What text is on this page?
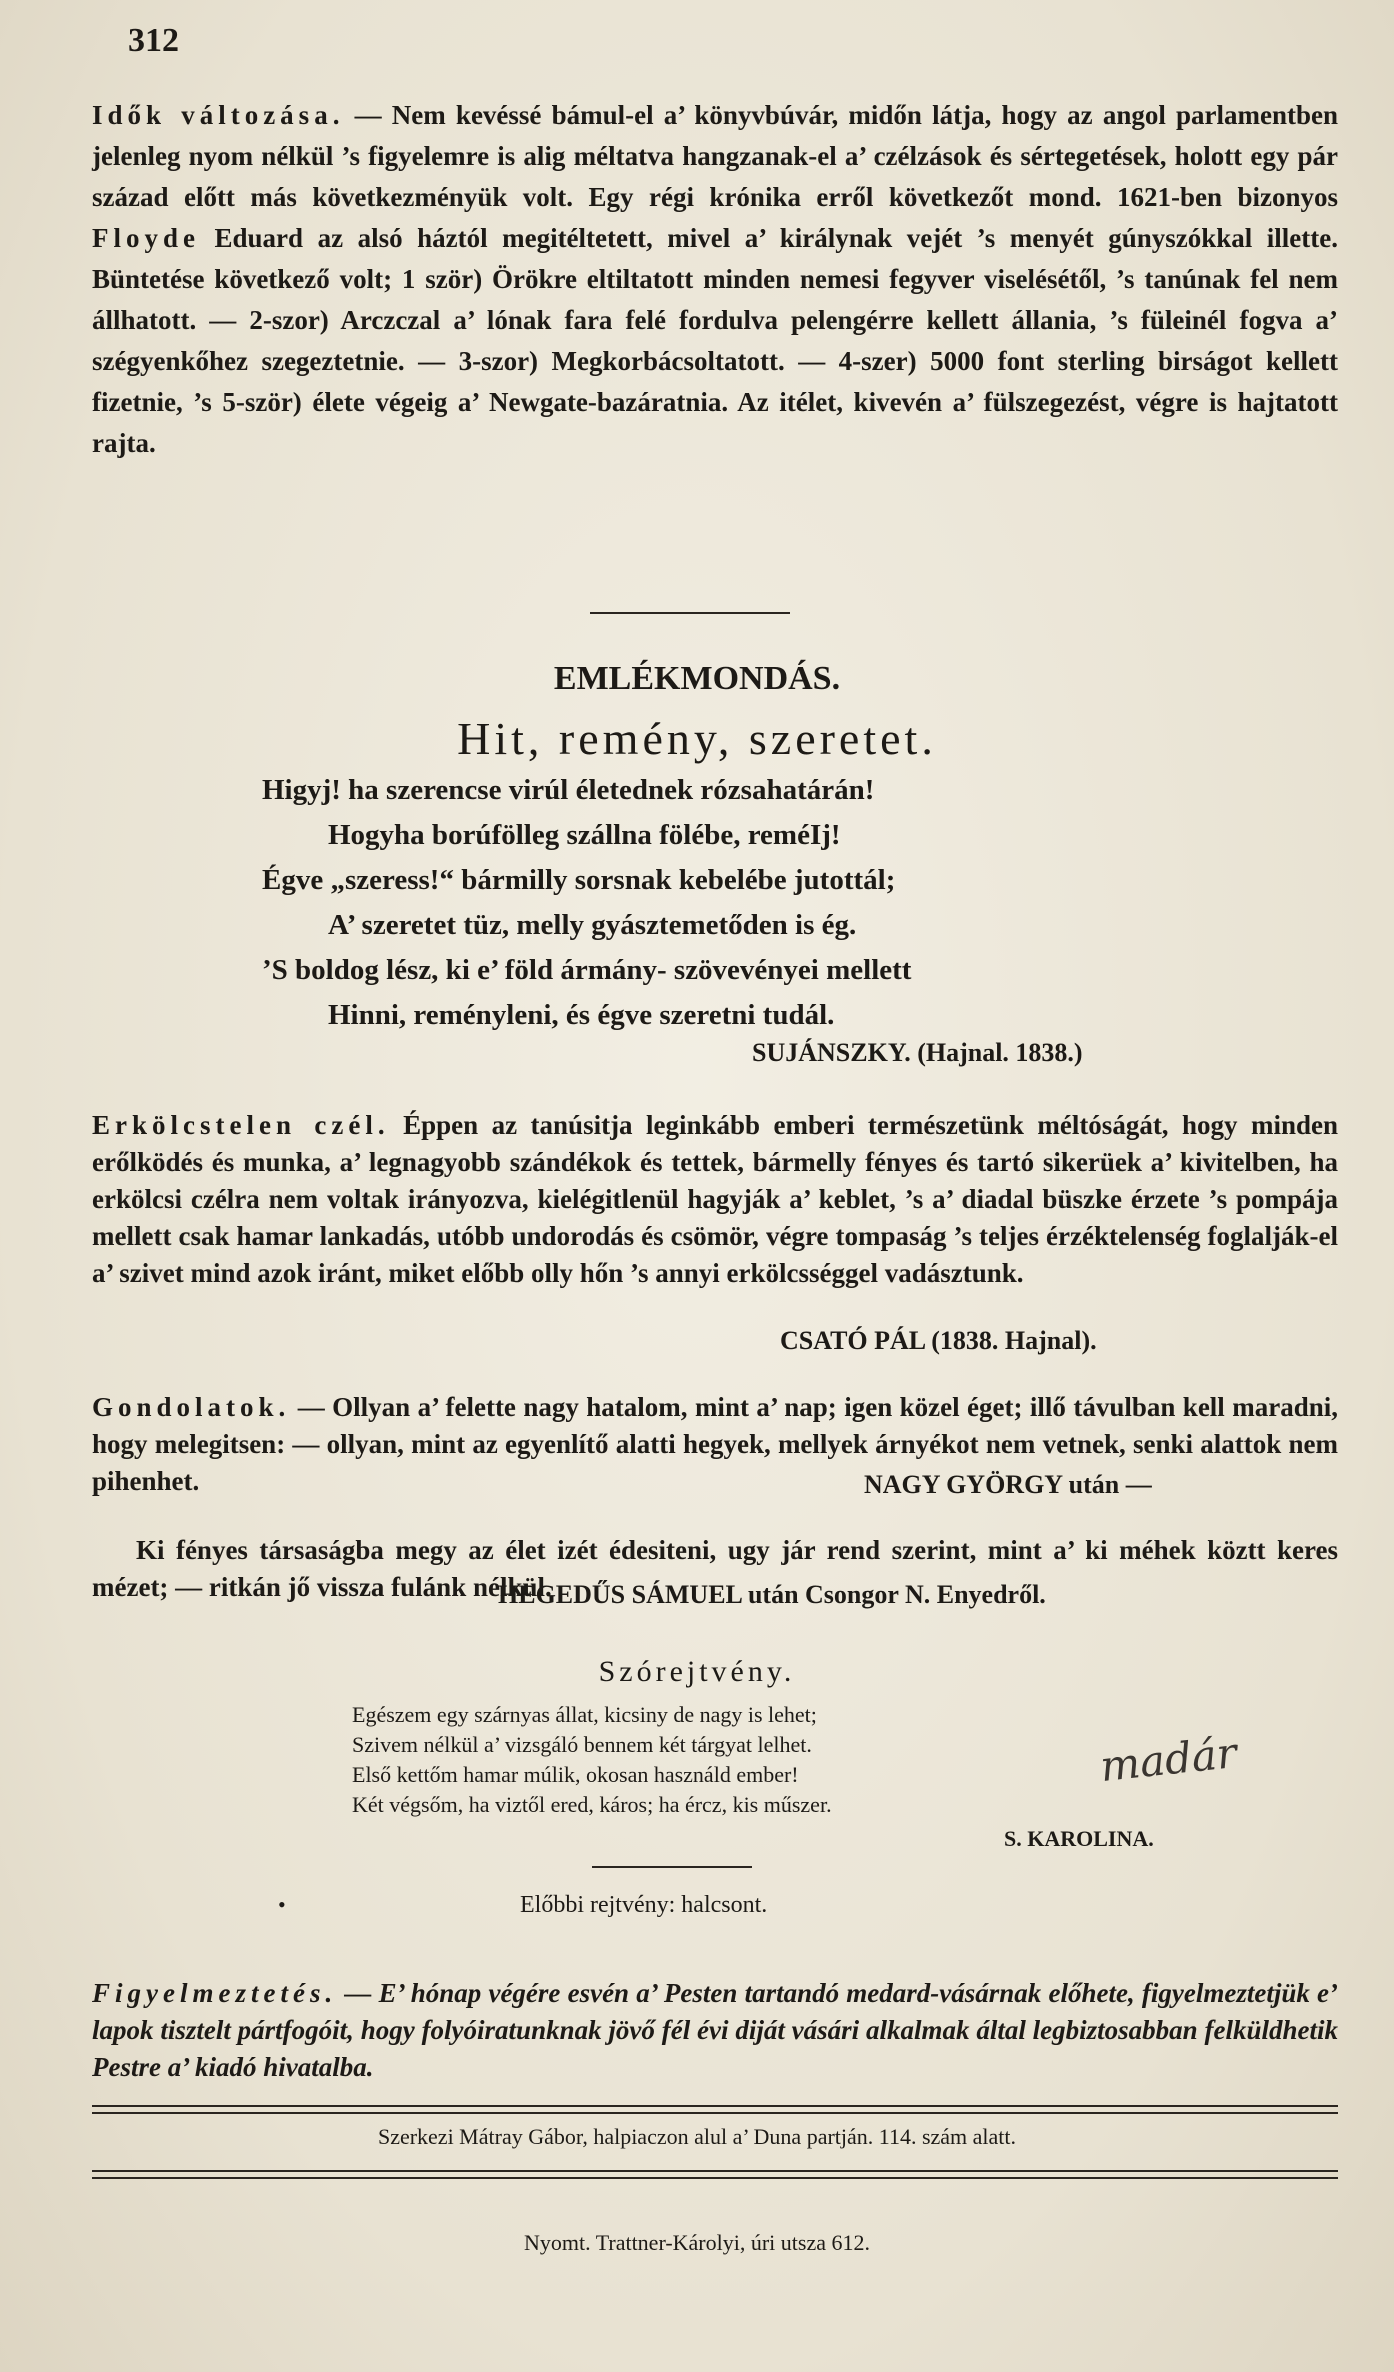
312

Idők változása. — Nem kevéssé bámul-el a’ könyvbúvár, midőn látja, hogy az angol parlamentben jelenleg nyom nélkül ’s figyelemre is alig méltatva hangzanak-el a’ czélzások és sértegetések, holott egy pár század előtt más következményük volt. Egy régi krónika erről következőt mond. 1621-ben bizonyos Floyde Eduard az alsó háztól megitéltetett, mivel a’ királynak vejét ’s menyét gúnyszókkal illette. Büntetése következő volt; 1 ször) Örökre eltiltatott minden nemesi fegyver viselésétől, ’s tanúnak fel nem állhatott. — 2-szor) Arczczal a’ lónak fara felé fordulva pelengérre kellett állania, ’s füleinél fogva a’ szégyenkőhez szegeztetnie. — 3-szor) Megkorbácsoltatott. — 4-szer) 5000 font sterling birságot kellett fizetnie, ’s 5-ször) élete végeig a’ Newgate-bazáratnia. Az itélet, kivevén a’ fülszegezést, végre is hajtatott rajta.

EMLÉKMONDÁS.
Hit, remény, szeretet.
Higyj! ha szerencse virúl életednek rózsahatárán!
Hogyha borúfölleg szállna fölébe, reméIj!
Égve „szeress!“ bármilly sorsnak kebelébe jutottál;
A’ szeretet tüz, melly gyásztemetőden is ég.
’S boldog lész, ki e’ föld ármány- szövevényei mellett
Hinni, reményleni, és égve szeretni tudál.
SUJÁNSZKY. (Hajnal. 1838.)

Erkölcstelen czél. Éppen az tanúsitja leginkább emberi természetünk méltóságát, hogy minden erőlködés és munka, a’ legnagyobb szándékok és tettek, bármelly fényes és tartó sikerüek a’ kivitelben, ha erkölcsi czélra nem voltak irányozva, kielégitlenül hagyják a’ keblet, ’s a’ diadal büszke érzete ’s pompája mellett csak hamar lankadás, utóbb undorodás és csömör, végre tompaság ’s teljes érzéktelenség foglalják-el a’ szivet mind azok iránt, miket előbb olly hőn ’s annyi erkölcsséggel vadásztunk.

CSATÓ PÁL (1838. Hajnal).

Gondolatok. — Ollyan a’ felette nagy hatalom, mint a’ nap; igen közel éget; illő távulban kell maradni, hogy melegitsen: — ollyan, mint az egyenlítő alatti hegyek, mellyek árnyékot nem vetnek, senki alattok nem pihenhet.	NAGY GYÖRGY után —

Ki fényes társaságba megy az élet izét édesiteni, ugy jár rend szerint, mint a’ ki méhek köztt keres mézet; — ritkán jő vissza fulánk nélkül.

HEGEDŰS SÁMUEL után Csongor N. Enyedről.
Szórejtvény.
Egészem egy szárnyas állat, kicsiny de nagy is lehet;
Szivem nélkül a’ vizsgáló bennem két tárgyat lelhet.
Első kettőm hamar múlik, okosan használd ember!
Két végsőm, ha viztől ered, káros; ha ércz, kis műszer.
madár
S. KAROLINA.
•	Előbbi rejtvény: halcsont.

Figyelmeztetés. — E’ hónap végére esvén a’ Pesten tartandó medard-vásárnak előhete, figyelmeztetjük e’ lapok tisztelt pártfogóit, hogy folyóiratunknak jövő fél évi diját vásári alkalmak által legbiztosabban felküldhetik Pestre a’ kiadó hivatalba.

Szerkezi Mátray Gábor, halpiaczon alul a’ Duna partján. 114. szám alatt.
Nyomt. Trattner-Károlyi, úri utsza 612.
